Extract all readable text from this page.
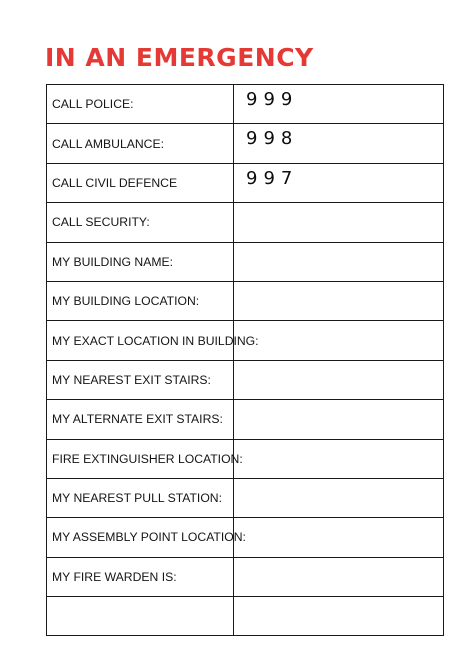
IN AN EMERGENCY
CALL POLICE:	999
CALL AMBULANCE:	998
CALL CIVIL DEFENCE	997
CALL SECURITY:	
MY BUILDING NAME:	
MY BUILDING LOCATION:	
MY EXACT LOCATION IN BUILDING:	
MY NEAREST EXIT STAIRS:	
MY ALTERNATE EXIT STAIRS:	
FIRE EXTINGUISHER LOCATION:	
MY NEAREST PULL STATION:	
MY ASSEMBLY POINT LOCATION:	
MY FIRE WARDEN IS:	
